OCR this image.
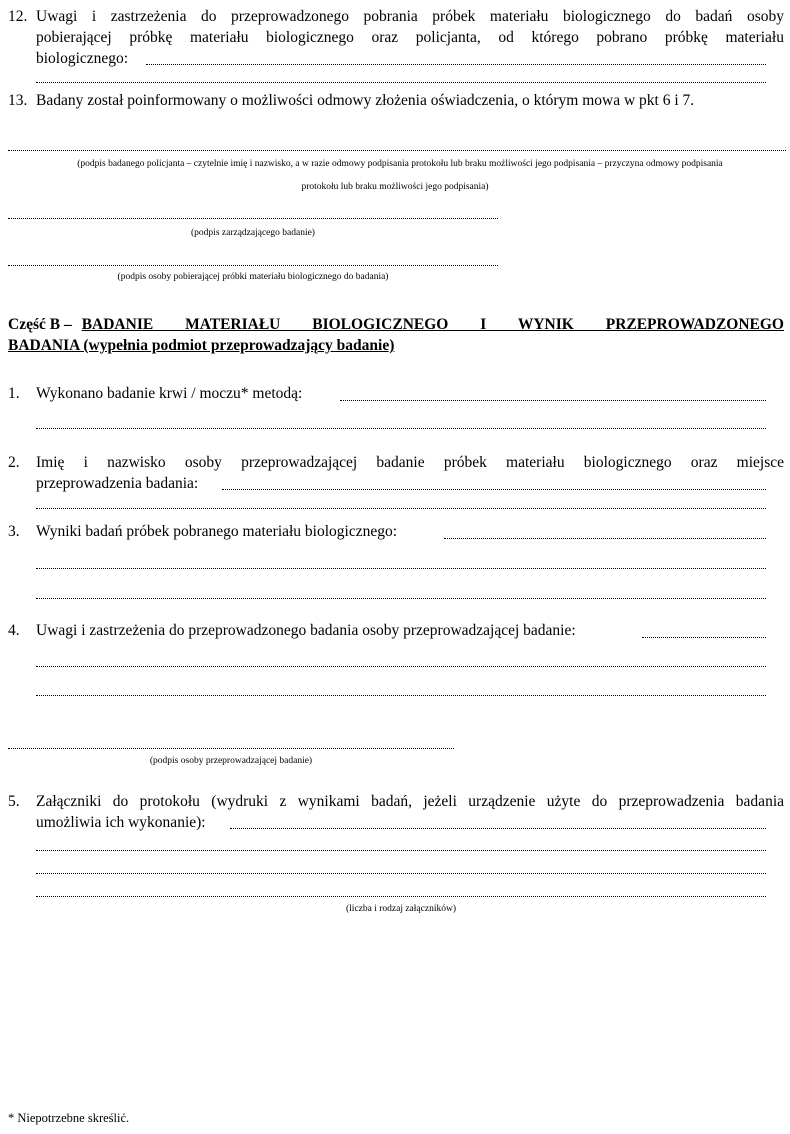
12. Uwagi i zastrzeżenia do przeprowadzonego pobrania próbek materiału biologicznego do badań osoby
pobierającej próbkę materiału biologicznego oraz policjanta, od którego pobrano próbkę materiału
biologicznego:
13. Badany został poinformowany o możliwości odmowy złożenia oświadczenia, o którym mowa w pkt 6 i 7.
(podpis badanego policjanta – czytelnie imię i nazwisko, a w razie odmowy podpisania protokołu lub braku możliwości jego podpisania – przyczyna odmowy podpisania
protokołu lub braku możliwości jego podpisania)
(podpis zarządzającego badanie)
(podpis osoby pobierającej próbki materiału biologicznego do badania)
Część B – BADANIE MATERIAŁU BIOLOGICZNEGO I WYNIK PRZEPROWADZONEGO
BADANIA (wypełnia podmiot przeprowadzający badanie)
1. Wykonano badanie krwi / moczu* metodą:
2. Imię i nazwisko osoby przeprowadzającej badanie próbek materiału biologicznego oraz miejsce
przeprowadzenia badania:
3. Wyniki badań próbek pobranego materiału biologicznego:
4. Uwagi i zastrzeżenia do przeprowadzonego badania osoby przeprowadzającej badanie:
(podpis osoby przeprowadzającej badanie)
5. Załączniki do protokołu (wydruki z wynikami badań, jeżeli urządzenie użyte do przeprowadzenia badania
umożliwia ich wykonanie):
(liczba i rodzaj załączników)
* Niepotrzebne skreślić.
